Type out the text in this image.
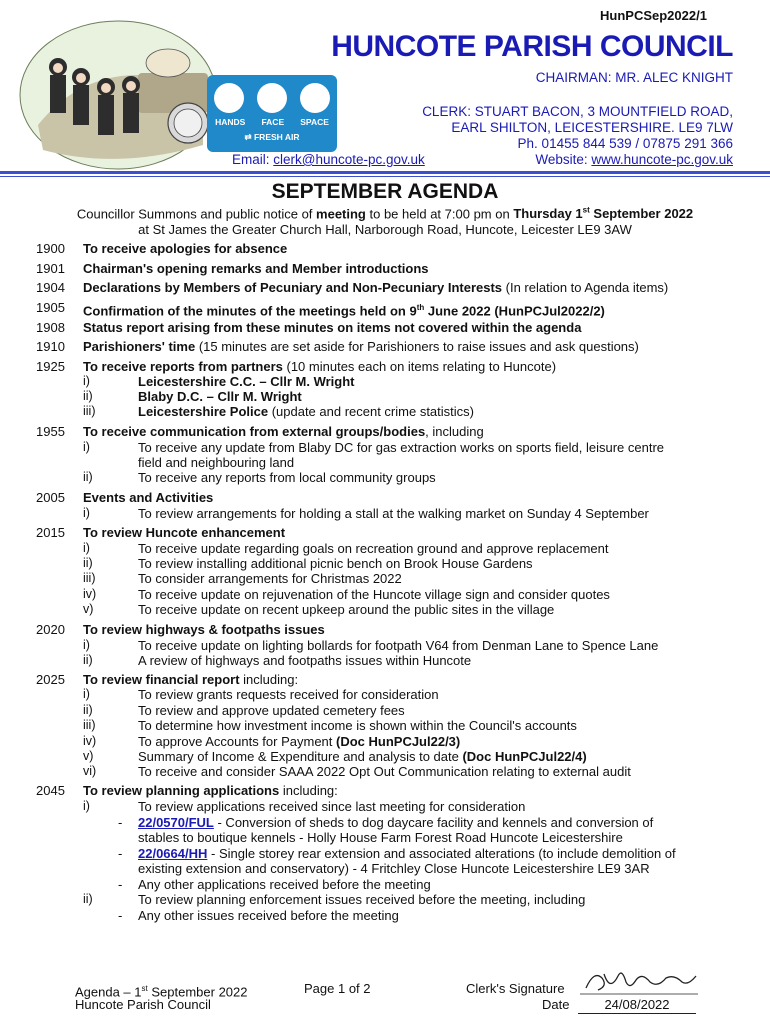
HANDS FACE SPACE
⇄ FRESH AIR
HunPCSep2022/1
HUNCOTE PARISH COUNCIL
CHAIRMAN: MR. ALEC KNIGHT
CLERK: STUART BACON, 3 MOUNTFIELD ROAD,
EARL SHILTON, LEICESTERSHIRE. LE9 7LW
Ph. 01455 844 539 / 07875 291 366
Email: clerk@huncote-pc.gov.uk	Website: www.huncote-pc.gov.uk
SEPTEMBER AGENDA
Councillor Summons and public notice of meeting to be held at 7:00 pm on Thursday 1st September 2022
at St James the Greater Church Hall, Narborough Road, Huncote, Leicester LE9 3AW
1900 To receive apologies for absence
1901 Chairman's opening remarks and Member introductions
1904 Declarations by Members of Pecuniary and Non-Pecuniary Interests (In relation to Agenda items)
1905 Confirmation of the minutes of the meetings held on 9th June 2022 (HunPCJul2022/2)
1908 Status report arising from these minutes on items not covered within the agenda
1910 Parishioners' time (15 minutes are set aside for Parishioners to raise issues and ask questions)
1925 To receive reports from partners (10 minutes each on items relating to Huncote)
i)	Leicestershire C.C. – Cllr M. Wright
ii)	Blaby D.C. – Cllr M. Wright
iii)	Leicestershire Police (update and recent crime statistics)
1955 To receive communication from external groups/bodies, including
i)	To receive any update from Blaby DC for gas extraction works on sports field, leisure centre
field and neighbouring land
ii)	To receive any reports from local community groups
2005 Events and Activities
i)	To review arrangements for holding a stall at the walking market on Sunday 4 September
2015 To review Huncote enhancement
i)	To receive update regarding goals on recreation ground and approve replacement
ii)	To review installing additional picnic bench on Brook House Gardens
iii)	To consider arrangements for Christmas 2022
iv)	To receive update on rejuvenation of the Huncote village sign and consider quotes
v)	To receive update on recent upkeep around the public sites in the village
2020 To review highways & footpaths issues
i)	To receive update on lighting bollards for footpath V64 from Denman Lane to Spence Lane
ii)	A review of highways and footpaths issues within Huncote
2025 To review financial report including:
i)	To review grants requests received for consideration
ii)	To review and approve updated cemetery fees
iii)	To determine how investment income is shown within the Council's accounts
iv)	To approve Accounts for Payment (Doc HunPCJul22/3)
v)	Summary of Income & Expenditure and analysis to date (Doc HunPCJul22/4)
vi)	To receive and consider SAAA 2022 Opt Out Communication relating to external audit
2045 To review planning applications including:
i)	To review applications received since last meeting for consideration
- 22/0570/FUL - Conversion of sheds to dog daycare facility and kennels and conversion of
stables to boutique kennels - Holly House Farm Forest Road Huncote Leicestershire
- 22/0664/HH - Single storey rear extension and associated alterations (to include demolition of
existing extension and conservatory) - 4 Fritchley Close Huncote Leicestershire LE9 3AR
- Any other applications received before the meeting
ii)	To review planning enforcement issues received before the meeting, including
- Any other issues received before the meeting
Agenda – 1st September 2022
Huncote Parish Council
Page 1 of 2	Clerk's Signature
Date	24/08/2022
